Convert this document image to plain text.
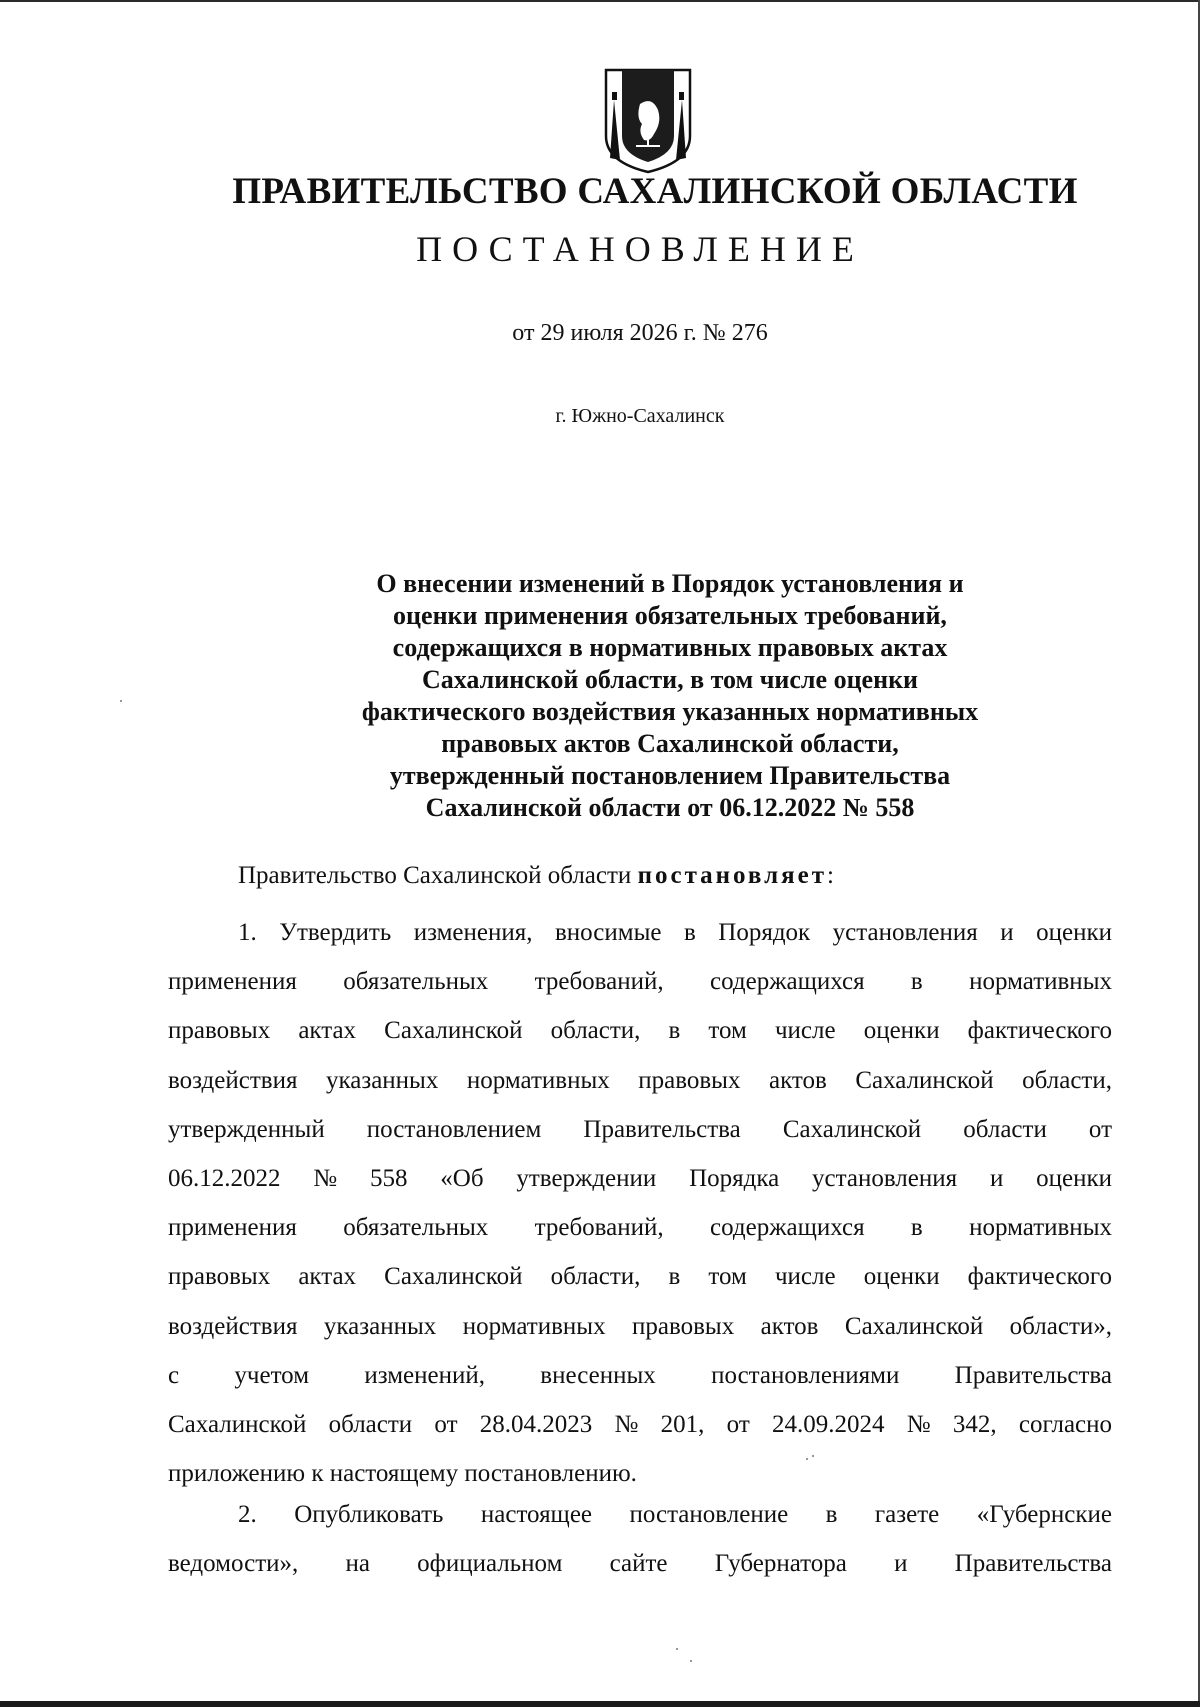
ПРАВИТЕЛЬСТВО САХАЛИНСКОЙ ОБЛАСТИ
ПОСТАНОВЛЕНИЕ
от 29 июля 2026 г. № 276
г. Южно-Сахалинск
О внесении изменений в Порядок установления и
оценки применения обязательных требований,
содержащихся в нормативных правовых актах
Сахалинской области, в том числе оценки
фактического воздействия указанных нормативных
правовых актов Сахалинской области,
утвержденный постановлением Правительства
Сахалинской области от 06.12.2022 № 558
Правительство Сахалинской области постановляет:
1. Утвердить изменения, вносимые в Порядок установления и оценки
применения обязательных требований, содержащихся в нормативных
правовых актах Сахалинской области, в том числе оценки фактического
воздействия указанных нормативных правовых актов Сахалинской области,
утвержденный постановлением Правительства Сахалинской области от
06.12.2022 № 558 «Об утверждении Порядка установления и оценки
применения обязательных требований, содержащихся в нормативных
правовых актах Сахалинской области, в том числе оценки фактического
воздействия указанных нормативных правовых актов Сахалинской области»,
с учетом изменений, внесенных постановлениями Правительства
Сахалинской области от 28.04.2023 № 201, от 24.09.2024 № 342, согласно
приложению к настоящему постановлению.
2. Опубликовать настоящее постановление в газете «Губернские
ведомости», на официальном сайте Губернатора и Правительства
